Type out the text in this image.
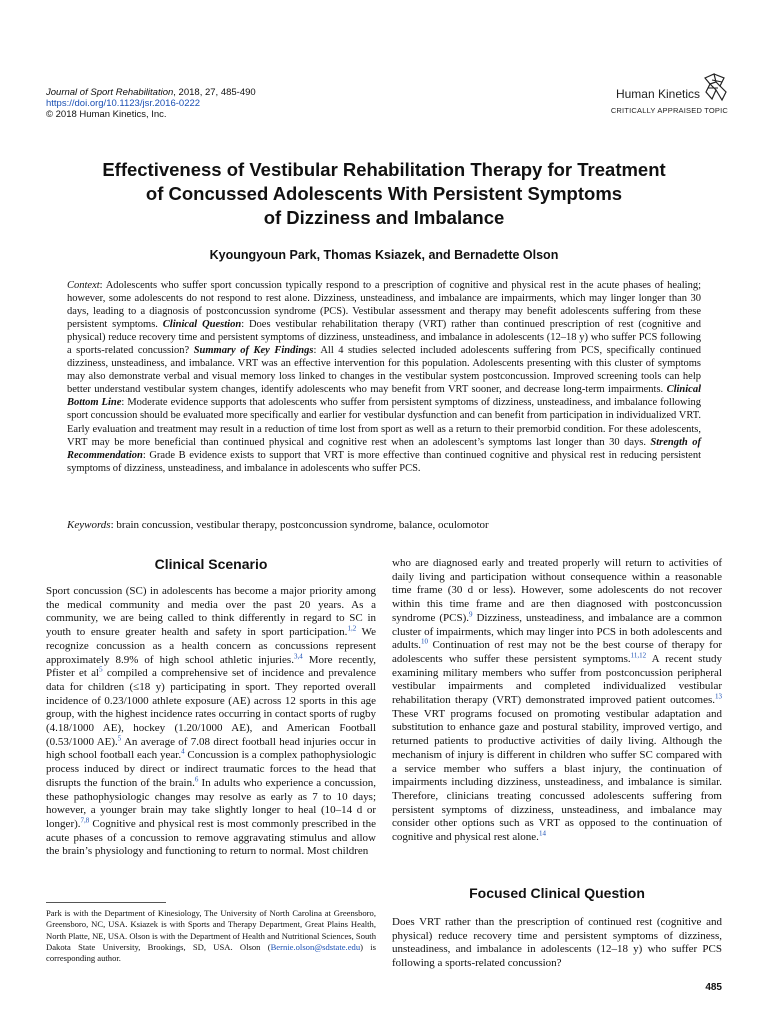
Journal of Sport Rehabilitation, 2018, 27, 485-490
https://doi.org/10.1123/jsr.2016-0222
© 2018 Human Kinetics, Inc.
Human Kinetics
CRITICALLY APPRAISED TOPIC
Effectiveness of Vestibular Rehabilitation Therapy for Treatment
of Concussed Adolescents With Persistent Symptoms
of Dizziness and Imbalance
Kyoungyoun Park, Thomas Ksiazek, and Bernadette Olson
Context: Adolescents who suffer sport concussion typically respond to a prescription of cognitive and physical rest in the acute phases of healing; however, some adolescents do not respond to rest alone. Dizziness, unsteadiness, and imbalance are impairments, which may linger longer than 30 days, leading to a diagnosis of postconcussion syndrome (PCS). Vestibular assessment and therapy may benefit adolescents suffering from these persistent symptoms. Clinical Question: Does vestibular rehabilitation therapy (VRT) rather than continued prescription of rest (cognitive and physical) reduce recovery time and persistent symptoms of dizziness, unsteadiness, and imbalance in adolescents (12–18 y) who suffer PCS following a sports-related concussion? Summary of Key Findings: All 4 studies selected included adolescents suffering from PCS, specifically continued dizziness, unsteadiness, and imbalance. VRT was an effective intervention for this population. Adolescents presenting with this cluster of symptoms may also demonstrate verbal and visual memory loss linked to changes in the vestibular system postconcussion. Improved screening tools can help better understand vestibular system changes, identify adolescents who may benefit from VRT sooner, and decrease long-term impairments. Clinical Bottom Line: Moderate evidence supports that adolescents who suffer from persistent symptoms of dizziness, unsteadiness, and imbalance following sport concussion should be evaluated more specifically and earlier for vestibular dysfunction and can benefit from participation in individualized VRT. Early evaluation and treatment may result in a reduction of time lost from sport as well as a return to their premorbid condition. For these adolescents, VRT may be more beneficial than continued physical and cognitive rest when an adolescent’s symptoms last longer than 30 days. Strength of Recommendation: Grade B evidence exists to support that VRT is more effective than continued cognitive and physical rest in reducing persistent symptoms of dizziness, unsteadiness, and imbalance in adolescents who suffer PCS.
Keywords: brain concussion, vestibular therapy, postconcussion syndrome, balance, oculomotor
Clinical Scenario

Sport concussion (SC) in adolescents has become a major priority among the medical community and media over the past 20 years. As a community, we are being called to think differently in regard to SC in youth to ensure greater health and safety in sport participation.$^{1,2}$ We recognize concussion as a health concern as concussions represent approximately 8.9% of high school athletic injuries.$^{3,4}$ More recently, Pfister et $al^5$ compiled a comprehensive set of incidence and prevalence data for children (≤18 y) participating in sport. They reported overall incidence of 0.23/1000 athlete exposure (AE) across 12 sports in this age group, with the highest incidence rates occurring in contact sports of rugby (4.18/1000 AE), hockey (1.20/1000 AE), and American Football (0.53/1000 AE).$^5$ An average of 7.08 direct football head injuries occur in high school football each year.$^4$ Concussion is a complex pathophysiologic process induced by direct or indirect traumatic forces to the head that disrupts the function of the brain.$^6$ In adults who experience a concussion, these pathophysiologic changes may resolve as early as 7 to 10 days; however, a younger brain may take slightly longer to heal (10–14 d or longer).$^{7,8}$ Cognitive and physical rest is most commonly prescribed in the acute phases of a concussion to remove aggravating stimulus and allow the brain’s physiology and functioning to return to normal. Most children

Park is with the Department of Kinesiology, The University of North Carolina at Greensboro, Greensboro, NC, USA. Ksiazek is with Sports and Therapy Department, Great Plains Health, North Platte, NE, USA. Olson is with the Department of Health and Nutritional Sciences, South Dakota State University, Brookings, SD, USA. Olson (Bernie.olson@sdstate.edu) is corresponding author.

who are diagnosed early and treated properly will return to activities of daily living and participation without consequence within a reasonable time frame (30 d or less). However, some adolescents do not recover within this time frame and are then diagnosed with postconcussion syndrome (PCS).$^9$ Dizziness, unsteadiness, and imbalance are a common cluster of impairments, which may linger into PCS in both adolescents and adults.$^{10}$ Continuation of rest may not be the best course of therapy for adolescents who suffer these persistent symptoms.$^{11,12}$ A recent study examining military members who suffer from postconcussion peripheral vestibular impairments and completed individualized vestibular rehabilitation therapy (VRT) demonstrated improved patient outcomes.$^{13}$ These VRT programs focused on promoting vestibular adaptation and substitution to enhance gaze and postural stability, improved vertigo, and returned patients to productive activities of daily living. Although the mechanism of injury is different in children who suffer SC compared with a service member who suffers a blast injury, the continuation of impairments including dizziness, unsteadiness, and imbalance is similar. Therefore, clinicians treating concussed adolescents suffering from persistent symptoms of dizziness, unsteadiness, and imbalance may consider other options such as VRT as opposed to the continuation of cognitive and physical rest alone.$^{14}$

Focused Clinical Question
Does VRT rather than the prescription of continued rest (cognitive and physical) reduce recovery time and persistent symptoms of dizziness, unsteadiness, and imbalance in adolescents (12–18 y) who suffer PCS following a sports-related concussion?
485
